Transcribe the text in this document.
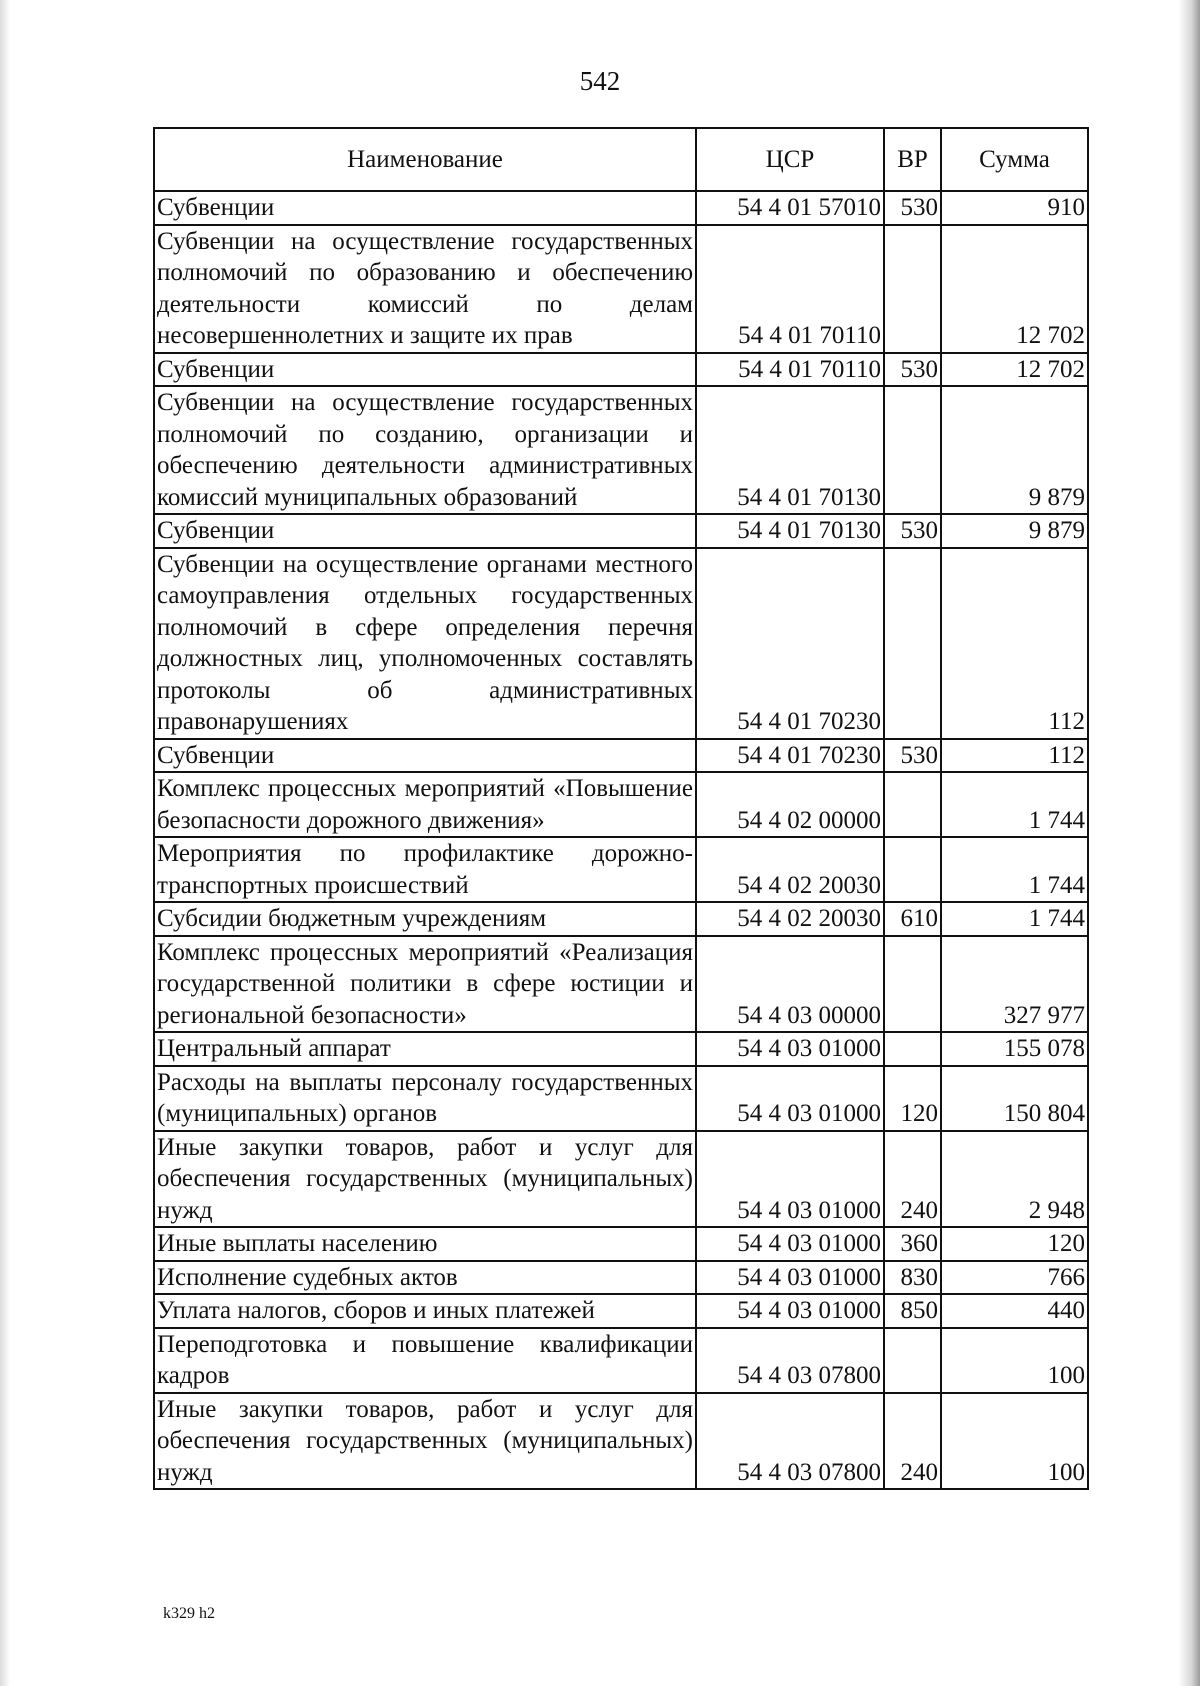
542
Наименование	ЦСР	ВР	Сумма
Субвенции	54 4 01 57010	530	910
Субвенции на осуществление государственных полномочий по образованию и обеспечению деятельности комиссий по делам несовершеннолетних и защите их прав	54 4 01 70110		12 702
Субвенции	54 4 01 70110	530	12 702
Субвенции на осуществление государственных полномочий по созданию, организации и обеспечению деятельности административных комиссий муниципальных образований	54 4 01 70130		9 879
Субвенции	54 4 01 70130	530	9 879
Субвенции на осуществление органами местного самоуправления отдельных государственных полномочий в сфере определения перечня должностных лиц, уполномоченных составлять протоколы об административных правонарушениях	54 4 01 70230		112
Субвенции	54 4 01 70230	530	112
Комплекс процессных мероприятий «Повышение безопасности дорожного движения»	54 4 02 00000		1 744
Мероприятия по профилактике дорожно-транспортных происшествий	54 4 02 20030		1 744
Субсидии бюджетным учреждениям	54 4 02 20030	610	1 744
Комплекс процессных мероприятий «Реализация государственной политики в сфере юстиции и региональной безопасности»	54 4 03 00000		327 977
Центральный аппарат	54 4 03 01000		155 078
Расходы на выплаты персоналу государственных (муниципальных) органов	54 4 03 01000	120	150 804
Иные закупки товаров, работ и услуг для обеспечения государственных (муниципальных) нужд	54 4 03 01000	240	2 948
Иные выплаты населению	54 4 03 01000	360	120
Исполнение судебных актов	54 4 03 01000	830	766
Уплата налогов, сборов и иных платежей	54 4 03 01000	850	440
Переподготовка и повышение квалификации кадров	54 4 03 07800		100
Иные закупки товаров, работ и услуг для обеспечения государственных (муниципальных) нужд	54 4 03 07800	240	100
k329 h2
